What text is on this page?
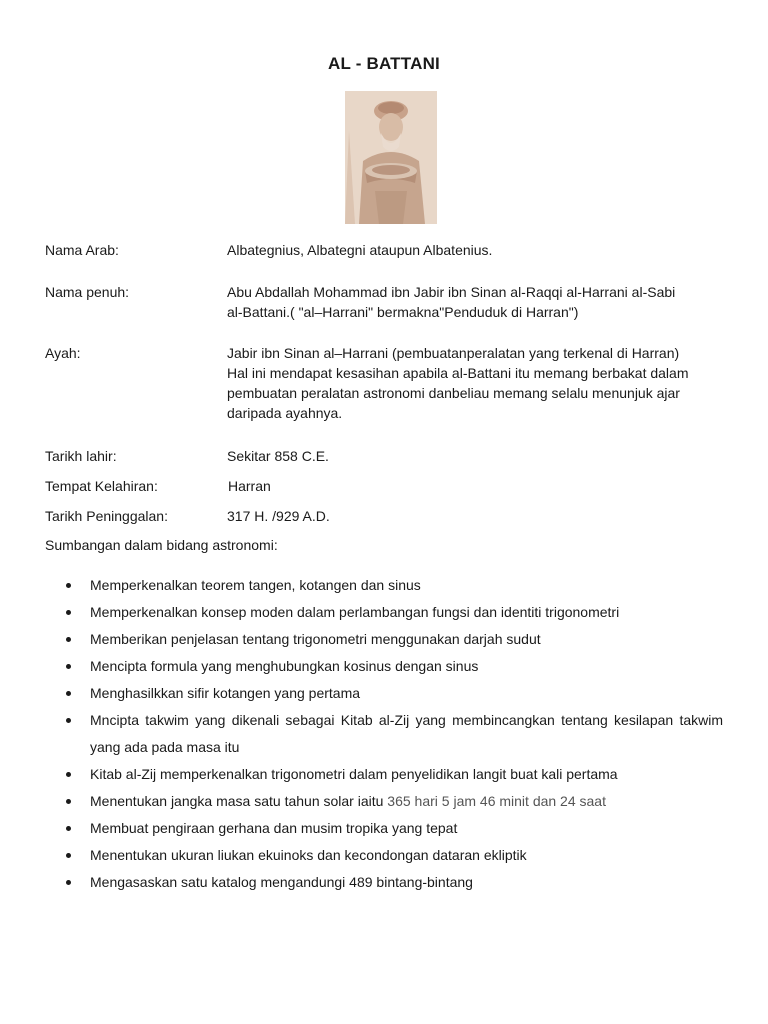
AL - BATTANI
Nama Arab:	Albategnius, Albategni ataupun Albatenius.
Nama penuh:	Abu Abdallah Mohammad ibn Jabir ibn Sinan al-Raqqi al-Harrani al-Sabi
al-Battani.( "al–Harrani" bermakna"Penduduk di Harran")
Ayah:	Jabir ibn Sinan al–Harrani (pembuatanperalatan yang terkenal di Harran)
Hal ini mendapat kesasihan apabila al-Battani itu memang berbakat dalam
pembuatan peralatan astronomi danbeliau memang selalu menunjuk ajar
daripada ayahnya.
Tarikh lahir:	Sekitar 858 C.E.
Tempat Kelahiran:	Harran
Tarikh Peninggalan:	317 H. /929 A.D.
Sumbangan dalam bidang astronomi:
Memperkenalkan teorem tangen, kotangen dan sinus
Memperkenalkan konsep moden dalam perlambangan fungsi dan identiti trigonometri
Memberikan penjelasan tentang trigonometri menggunakan darjah sudut
Mencipta formula yang menghubungkan kosinus dengan sinus
Menghasilkkan sifir kotangen yang pertama
Mncipta takwim yang dikenali sebagai Kitab al-Zij yang membincangkan tentang kesilapan takwim yang ada pada masa itu
Kitab al-Zij memperkenalkan trigonometri dalam penyelidikan langit buat kali pertama
Menentukan jangka masa satu tahun solar iaitu 365 hari 5 jam 46 minit dan 24 saat
Membuat pengiraan gerhana dan musim tropika yang tepat
Menentukan ukuran liukan ekuinoks dan kecondongan dataran ekliptik
Mengasaskan satu katalog mengandungi 489 bintang-bintang
